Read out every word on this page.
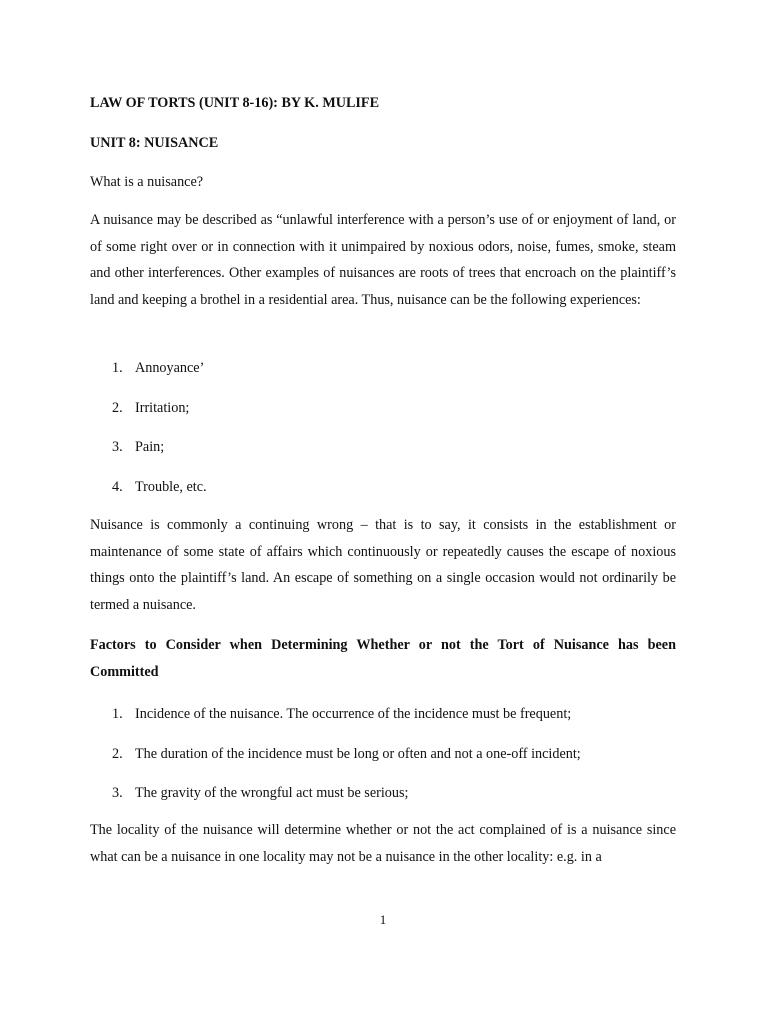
LAW OF TORTS (UNIT 8-16): BY K. MULIFE
UNIT 8: NUISANCE
What is a nuisance?

A nuisance may be described as “unlawful interference with a person’s use of or enjoyment of land, or of some right over or in connection with it unimpaired by noxious odors, noise, fumes, smoke, steam and other interferences. Other examples of nuisances are roots of trees that encroach on the plaintiff’s land and keeping a brothel in a residential area. Thus, nuisance can be the following experiences:

1. Annoyance’
2. Irritation;
3. Pain;
4. Trouble, etc.

Nuisance is commonly a continuing wrong – that is to say, it consists in the establishment or maintenance of some state of affairs which continuously or repeatedly causes the escape of noxious things onto the plaintiff’s land. An escape of something on a single occasion would not ordinarily be termed a nuisance.

Factors to Consider when Determining Whether or not the Tort of Nuisance has been Committed

1. Incidence of the nuisance. The occurrence of the incidence must be frequent;
2. The duration of the incidence must be long or often and not a one-off incident;
3. The gravity of the wrongful act must be serious;

The locality of the nuisance will determine whether or not the act complained of is a nuisance since what can be a nuisance in one locality may not be a nuisance in the other locality: e.g. in a

1
